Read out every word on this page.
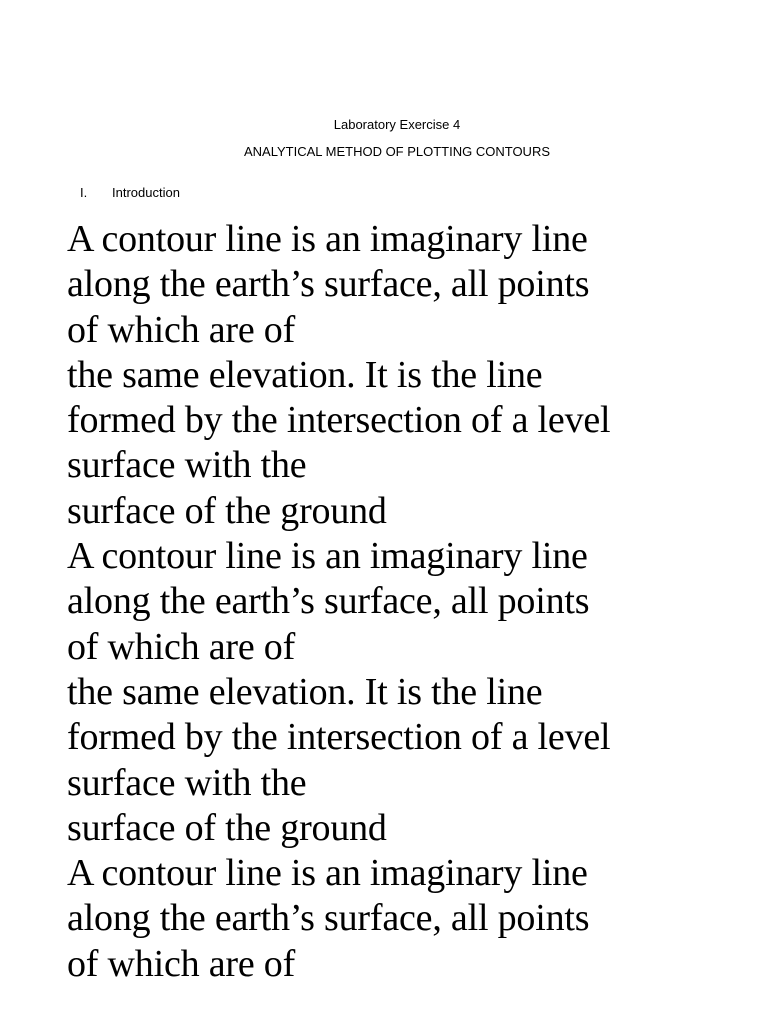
Laboratory Exercise 4
ANALYTICAL METHOD OF PLOTTING CONTOURS
I. Introduction
A contour line is an imaginary line
along the earth’s surface, all points
of which are of
the same elevation. It is the line
formed by the intersection of a level
surface with the
surface of the ground
A contour line is an imaginary line
along the earth’s surface, all points
of which are of
the same elevation. It is the line
formed by the intersection of a level
surface with the
surface of the ground
A contour line is an imaginary line
along the earth’s surface, all points
of which are of
